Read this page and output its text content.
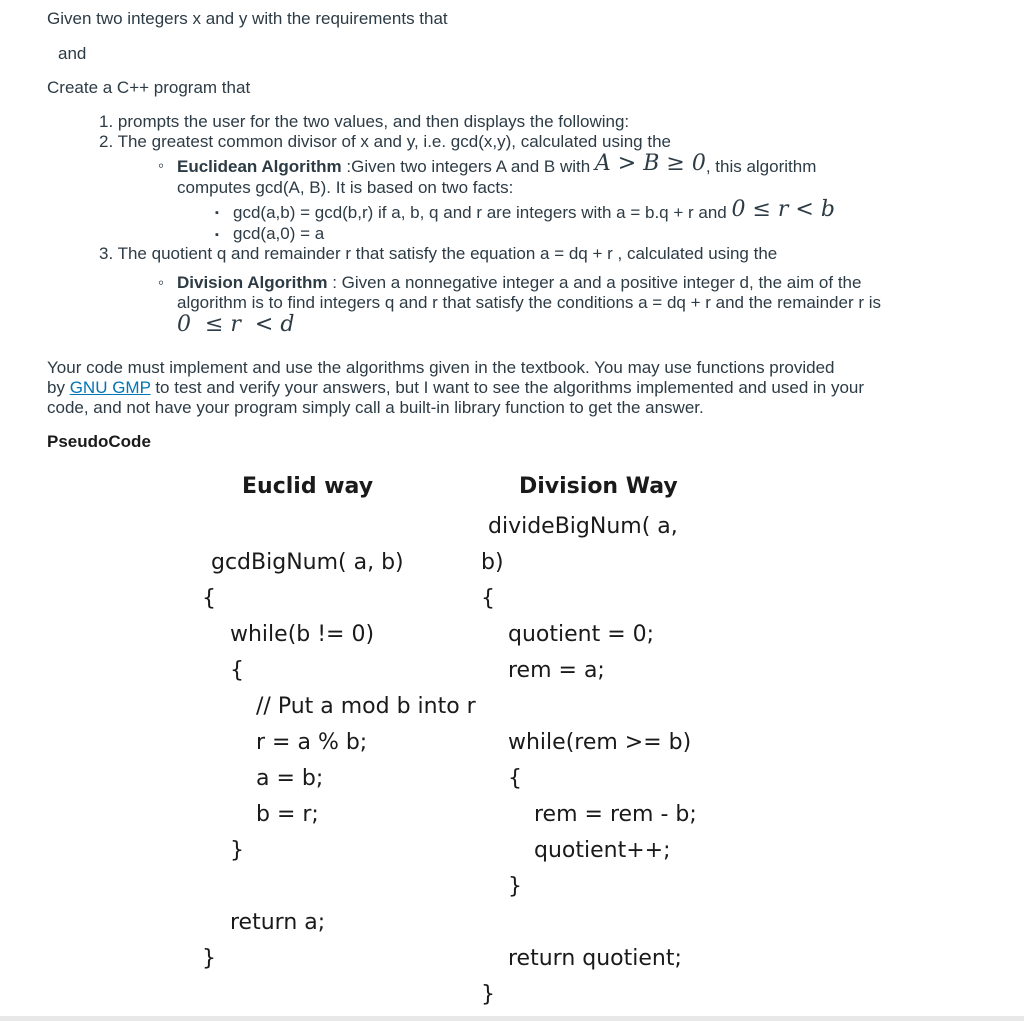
Given two integers x and y with the requirements that
and
Create a C++ program that
1. prompts the user for the two values, and then displays the following:
2. The greatest common divisor of x and y, i.e. gcd(x,y), calculated using the
◦ Euclidean Algorithm :Given two integers A and B with A > B ≥ 0, this algorithm
computes gcd(A, B). It is based on two facts:
▪ gcd(a,b) = gcd(b,r) if a, b, q and r are integers with a = b.q + r and 0 ≤ r < b
▪ gcd(a,0) = a
3. The quotient q and remainder r that satisfy the equation a = dq + r , calculated using the
◦ Division Algorithm : Given a nonnegative integer a and a positive integer d, the aim of the
algorithm is to find integers q and r that satisfy the conditions a = dq + r and the remainder r is
0  ≤ r  < d
Your code must implement and use the algorithms given in the textbook. You may use functions provided
by GNU GMP to test and verify your answers, but I want to see the algorithms implemented and used in your
code, and not have your program simply call a built-in library function to get the answer.
PseudoCode
Euclid way
gcdBigNum( a, b)
{
while(b != 0)
{
// Put a mod b into r
r = a % b;
a = b;
b = r;
}
return a;
}
Division Way
divideBigNum( a,
b)
{
quotient = 0;
rem = a;
while(rem >= b)
{
rem = rem - b;
quotient++;
}
return quotient;
}
